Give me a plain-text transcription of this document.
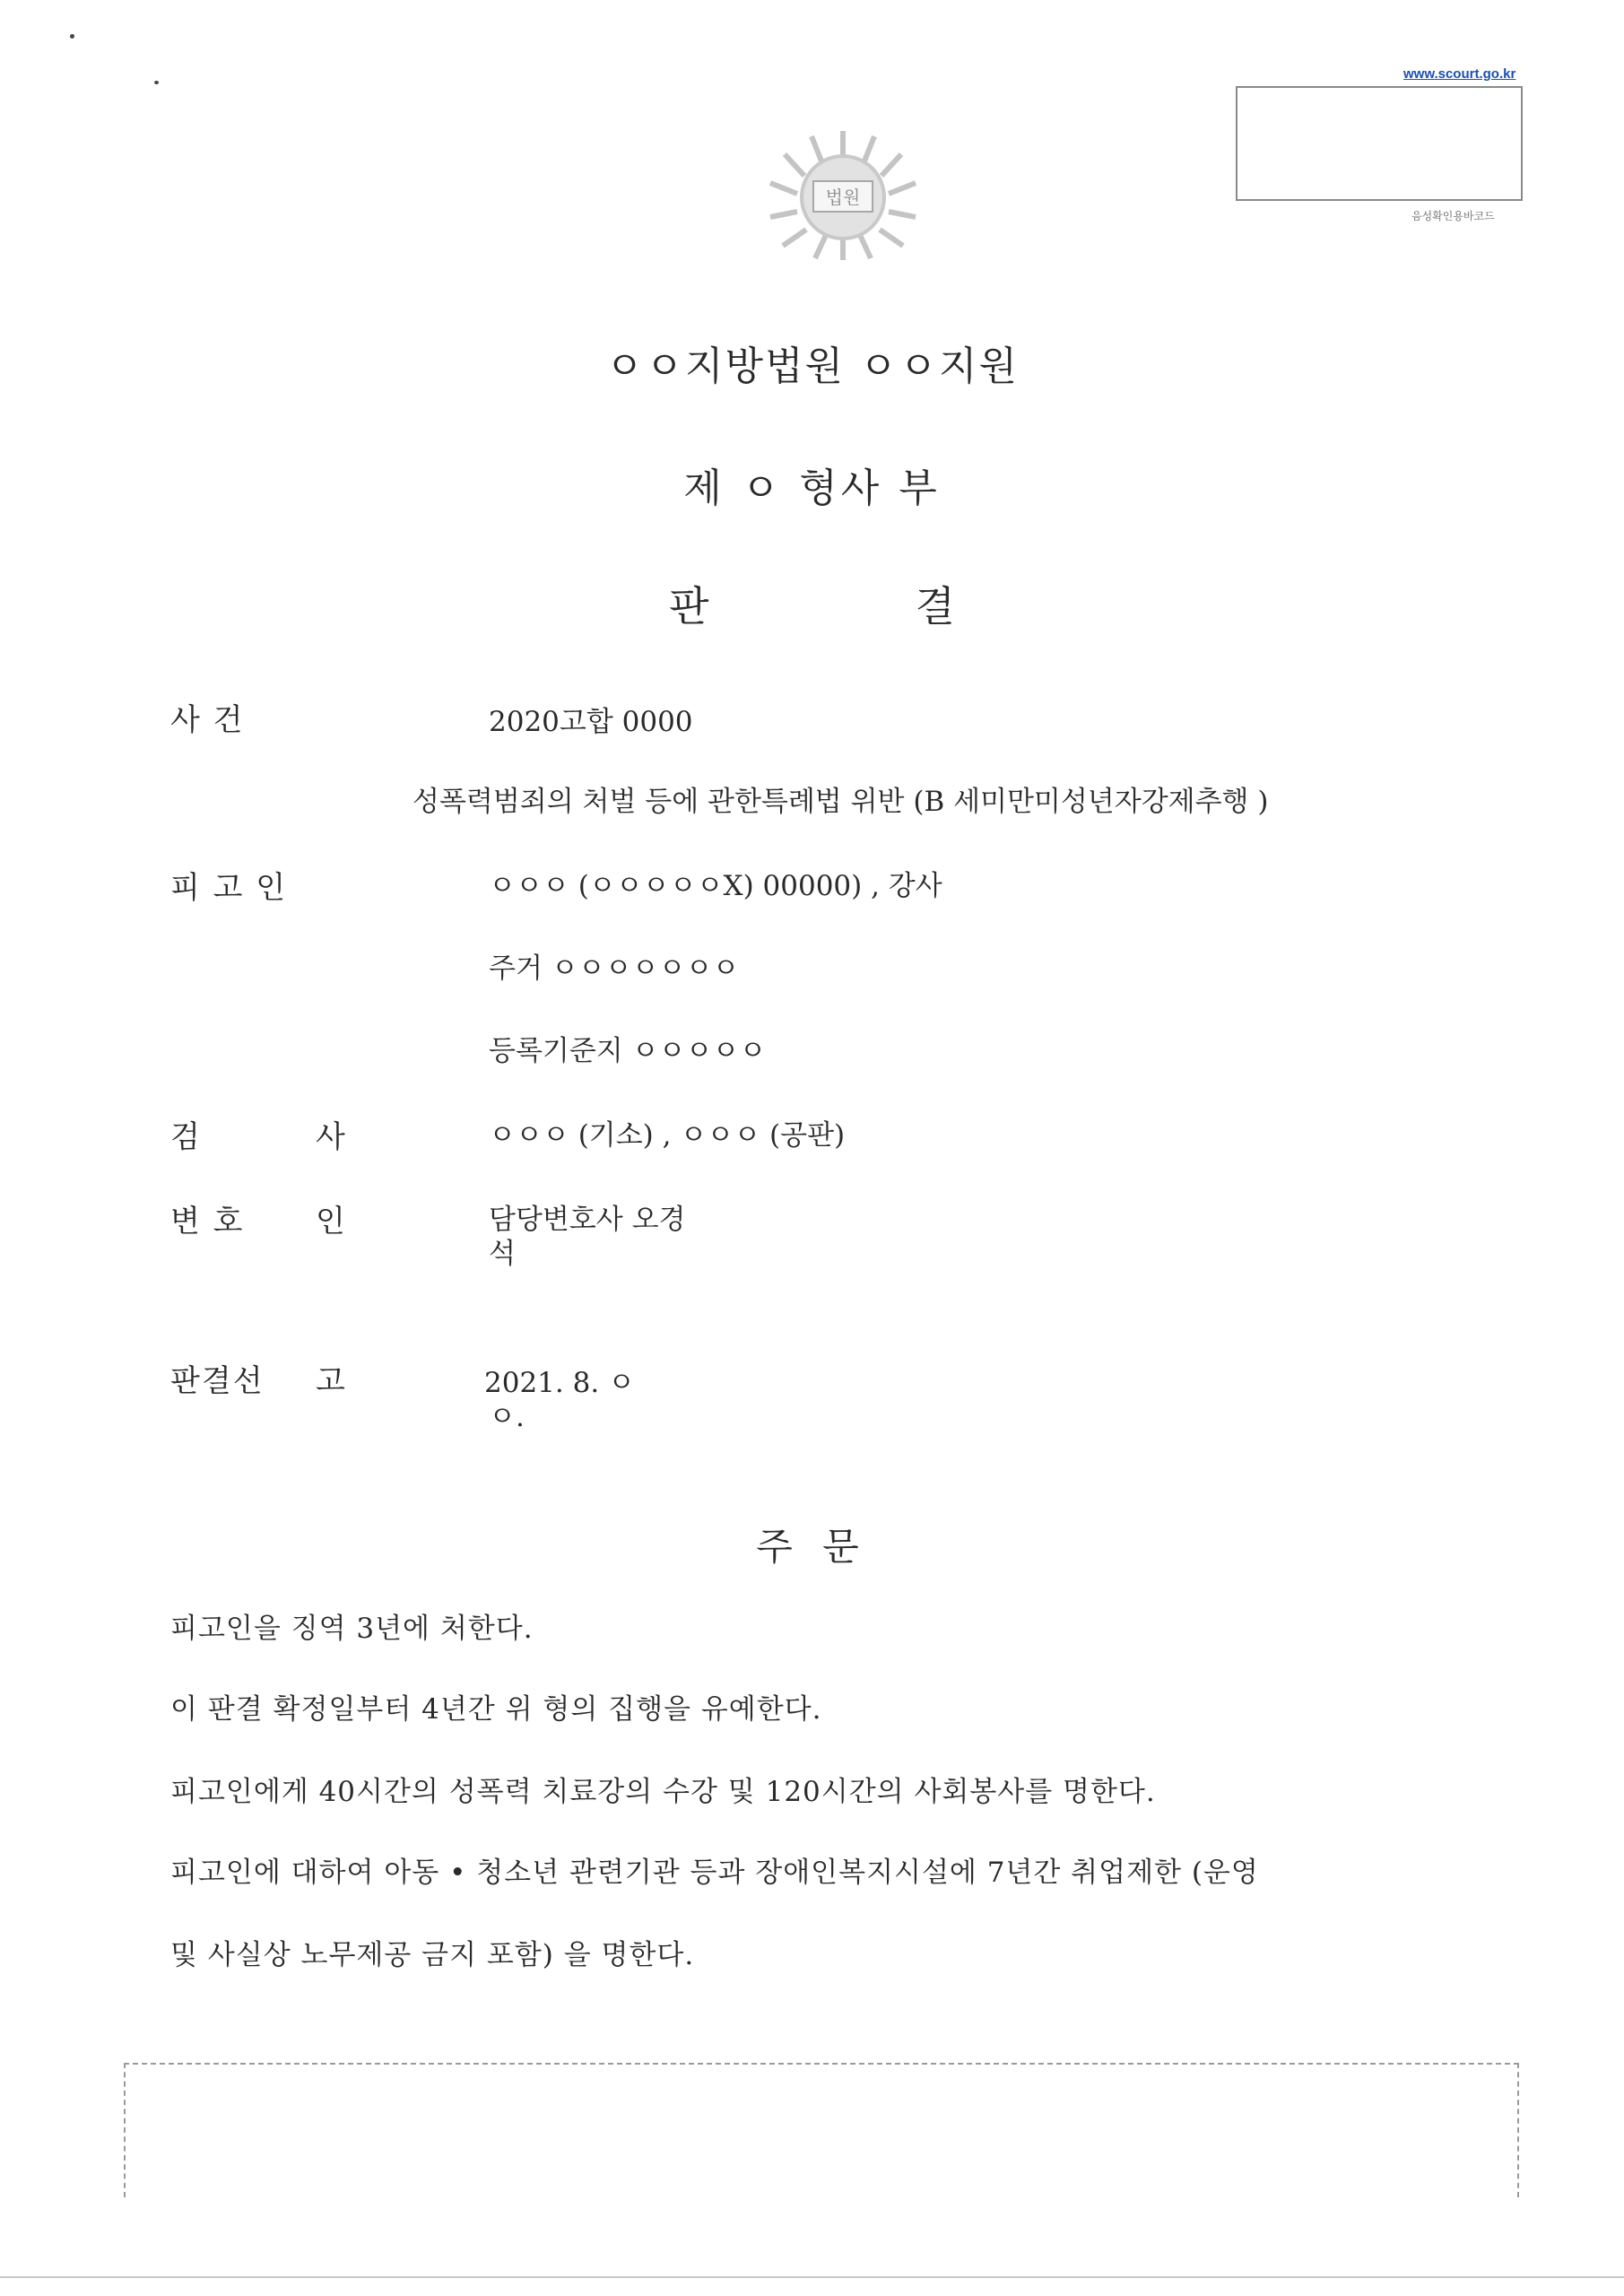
www.scourt.go.kr
음성확인용바코드
법원
ㅇㅇ지방법원 ㅇㅇ지원
제 ㅇ 형사 부
판	결
사 건	2020고합 0000
성폭력범죄의 처벌 등에 관한특례법 위반 (B 세미만미성년자강제추행 )
피 고 인	ㅇㅇㅇ (ㅇㅇㅇㅇㅇX) 00000) , 강사
주거 ㅇㅇㅇㅇㅇㅇㅇ
등록기준지 ㅇㅇㅇㅇㅇ
검	사	ㅇㅇㅇ (기소) , ㅇㅇㅇ (공판)
변 호 인	담당변호사 오경
석
판결선 고	2021. 8. ㅇ
ㅇ.
주 문
피고인을 징역 3년에 처한다.
이 판결 확정일부터 4년간 위 형의 집행을 유예한다.
피고인에게 40시간의 성폭력 치료강의 수강 및 120시간의 사회봉사를 명한다.
피고인에 대하여 아동 • 청소년 관련기관 등과 장애인복지시설에 7년간 취업제한 (운영
및 사실상 노무제공 금지 포함) 을 명한다.
